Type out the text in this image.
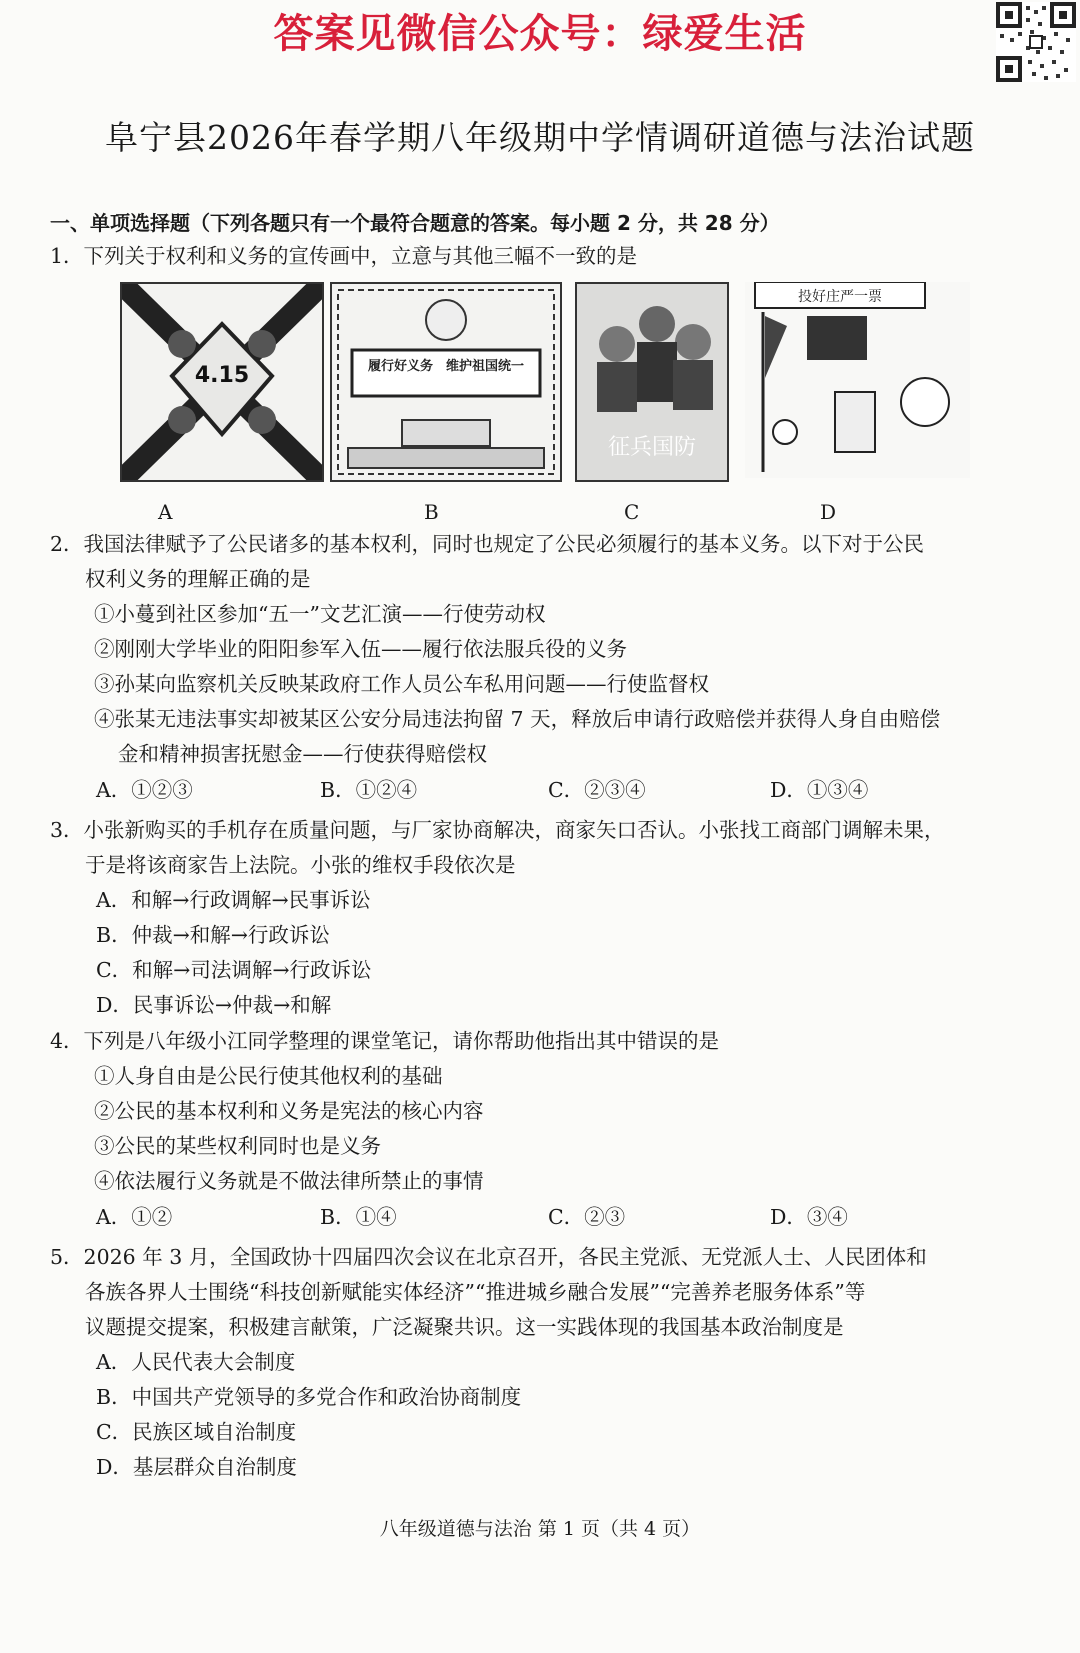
答案见微信公众号：绿爱生活
阜宁县2026年春学期八年级期中学情调研道德与法治试题
一、单项选择题（下列各题只有一个最符合题意的答案。每小题 2 分，共 28 分）
1．下列关于权利和义务的宣传画中，立意与其他三幅不一致的是
4.15	履行好义务　维护祖国统一
征兵国防
投好庄严一票
A	B	C	D
2．我国法律赋予了公民诸多的基本权利，同时也规定了公民必须履行的基本义务。以下对于公民
权利义务的理解正确的是
①小蔓到社区参加“五一”文艺汇演——行使劳动权
②刚刚大学毕业的阳阳参军入伍——履行依法服兵役的义务
③孙某向监察机关反映某政府工作人员公车私用问题——行使监督权
④张某无违法事实却被某区公安分局违法拘留 7 天，释放后申请行政赔偿并获得人身自由赔偿
金和精神损害抚慰金——行使获得赔偿权
A．①②③	B．①②④	C．②③④	D．①③④
3．小张新购买的手机存在质量问题，与厂家协商解决，商家矢口否认。小张找工商部门调解未果，
于是将该商家告上法院。小张的维权手段依次是
A．和解→行政调解→民事诉讼
B．仲裁→和解→行政诉讼
C．和解→司法调解→行政诉讼
D．民事诉讼→仲裁→和解
4．下列是八年级小江同学整理的课堂笔记，请你帮助他指出其中错误的是
①人身自由是公民行使其他权利的基础
②公民的基本权利和义务是宪法的核心内容
③公民的某些权利同时也是义务
④依法履行义务就是不做法律所禁止的事情
A．①②	B．①④	C．②③	D．③④
5．2026 年 3 月，全国政协十四届四次会议在北京召开，各民主党派、无党派人士、人民团体和
各族各界人士围绕“科技创新赋能实体经济”“推进城乡融合发展”“完善养老服务体系”等
议题提交提案，积极建言献策，广泛凝聚共识。这一实践体现的我国基本政治制度是
A．人民代表大会制度
B．中国共产党领导的多党合作和政治协商制度
C．民族区域自治制度
D．基层群众自治制度
八年级道德与法治 第 1 页（共 4 页）
